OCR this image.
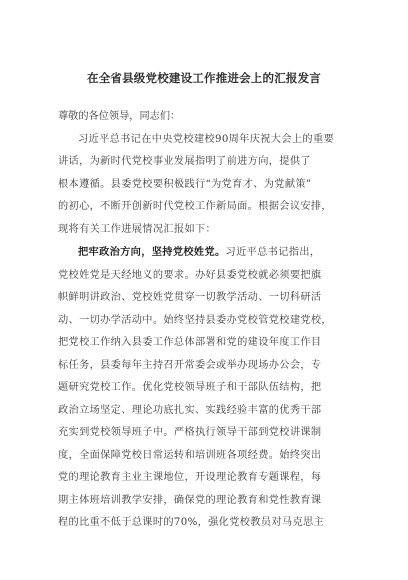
在全省县级党校建设工作推进会上的汇报发言

尊敬的各位领导，同志们：

习近平总书记在中央党校建校90周年庆祝大会上的重要
讲话，为新时代党校事业发展指明了前进方向，提供了
根本遵循。县委党校要积极践行“为党育才、为党献策”
的初心，不断开创新时代党校工作新局面。根据会议安排，
现将有关工作进展情况汇报如下：
把牢政治方向，坚持党校姓党。习近平总书记指出，
党校姓党是天经地义的要求。办好县委党校就必须要把旗
帜鲜明讲政治、党校姓党贯穿一切教学活动、一切科研活
动、一切办学活动中。始终坚持县委办党校管党校建党校，
把党校工作纳入县委工作总体部署和党的建设年度工作目
标任务，县委每年主持召开常委会或举办现场办公会，专
题研究党校工作。优化党校领导班子和干部队伍结构，把
政治立场坚定、理论功底扎实、实践经验丰富的优秀干部
充实到党校领导班子中。严格执行领导干部到党校讲课制
度，全面保障党校日常运转和培训班各项经费。始终突出
党的理论教育主业主课地位，开设理论教育专题课程，每
期主体班培训教学安排，确保党的理论教育和党性教育课
程的比重不低于总课时的70%，强化党校教员对马克思主
